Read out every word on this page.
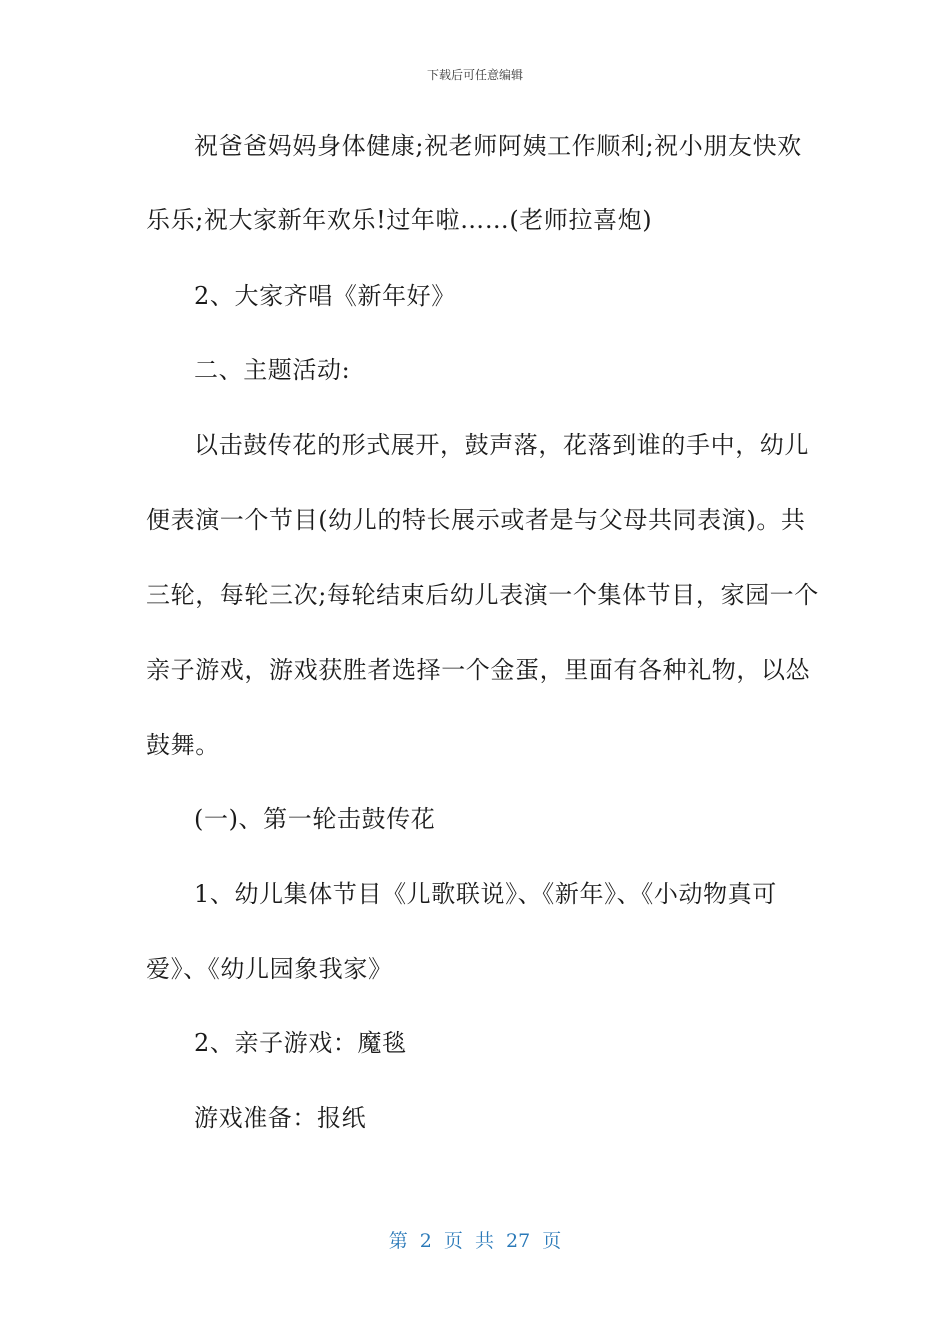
下载后可任意编辑
祝爸爸妈妈身体健康;祝老师阿姨工作顺利;祝小朋友快欢
乐乐;祝大家新年欢乐!过年啦……(老师拉喜炮)
2、大家齐唱《新年好》
二、主题活动:
以击鼓传花的形式展开，鼓声落，花落到谁的手中，幼儿
便表演一个节目(幼儿的特长展示或者是与父母共同表演)。共
三轮，每轮三次;每轮结束后幼儿表演一个集体节目，家园一个
亲子游戏，游戏获胜者选择一个金蛋，里面有各种礼物，以怂
鼓舞。
(一)、第一轮击鼓传花
1、幼儿集体节目《儿歌联说》、《新年》、《小动物真可
爱》、《幼儿园象我家》
2、亲子游戏：魔毯
游戏准备：报纸
第 2 页 共 27 页
